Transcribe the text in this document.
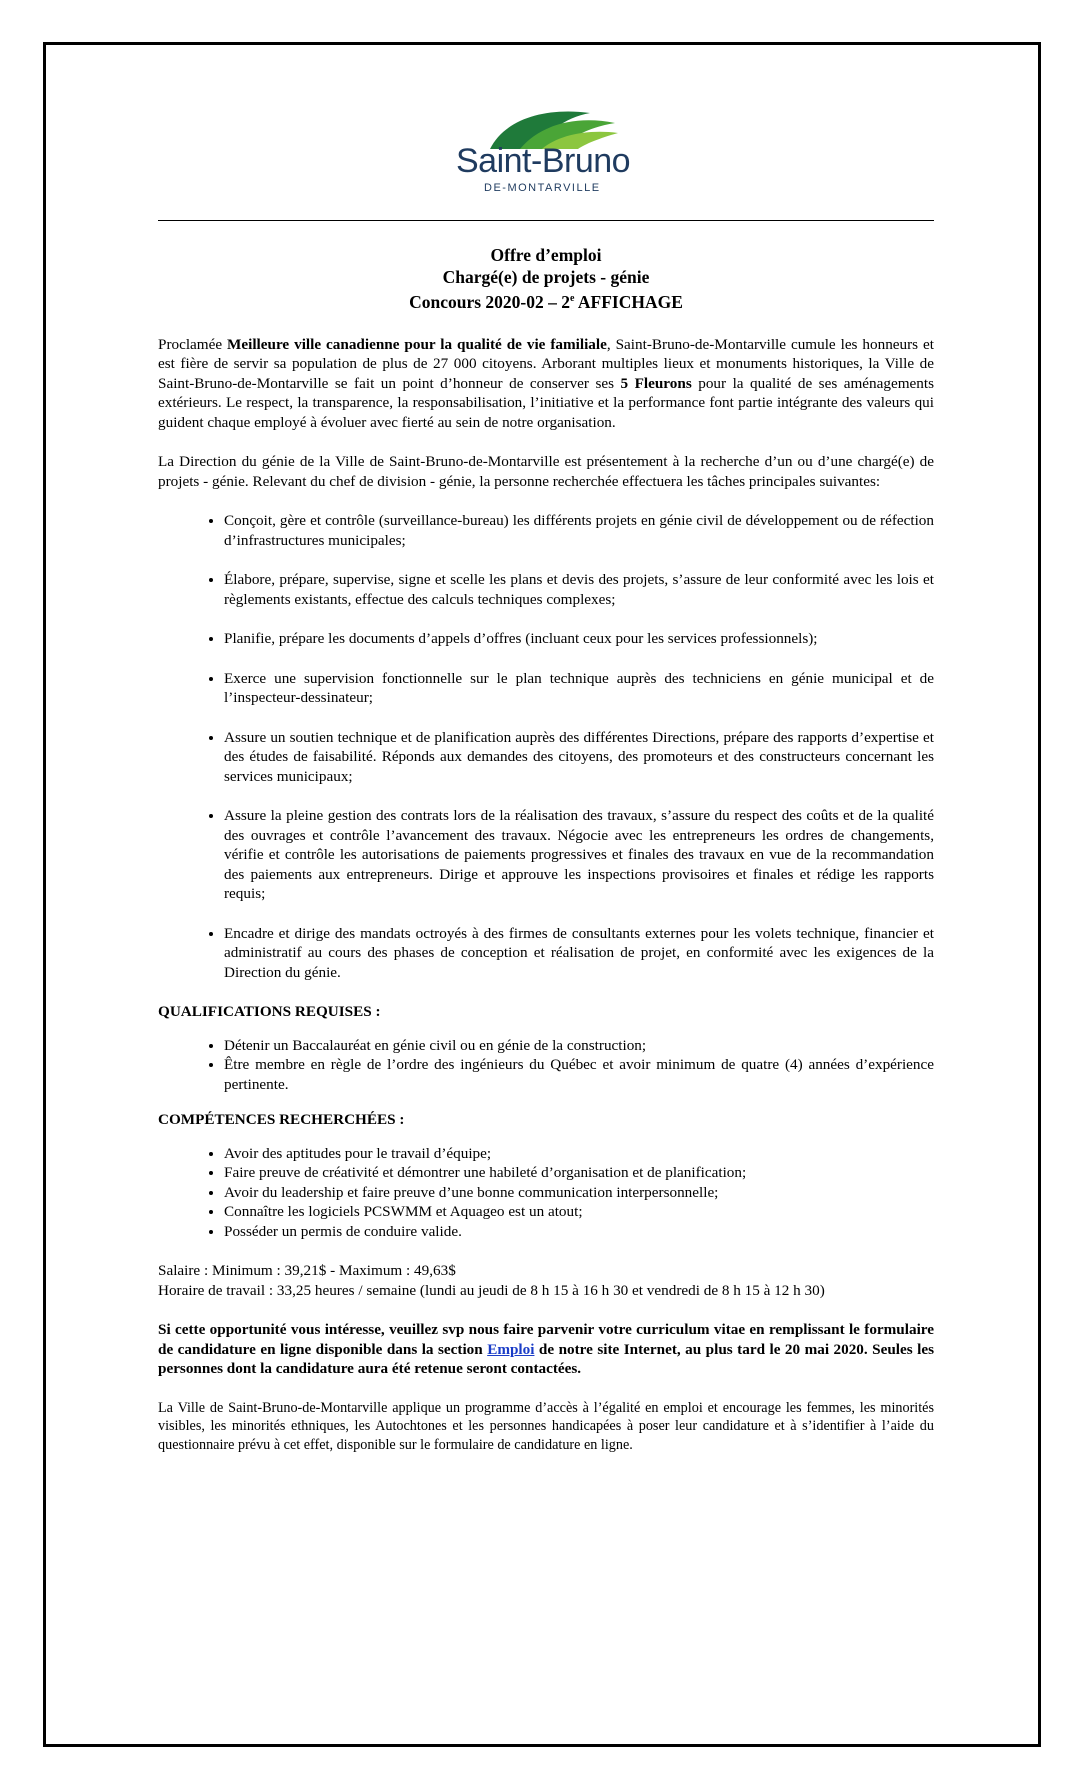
Saint-Bruno
DE-MONTARVILLE
Offre d’emploi
Chargé(e) de projets - génie
Concours 2020-02 – 2e AFFICHAGE

Proclamée Meilleure ville canadienne pour la qualité de vie familiale, Saint-Bruno-de-Montarville cumule les honneurs et est fière de servir sa population de plus de 27 000 citoyens. Arborant multiples lieux et monuments historiques, la Ville de Saint-Bruno-de-Montarville se fait un point d’honneur de conserver ses 5 Fleurons pour la qualité de ses aménagements extérieurs. Le respect, la transparence, la responsabilisation, l’initiative et la performance font partie intégrante des valeurs qui guident chaque employé à évoluer avec fierté au sein de notre organisation.

La Direction du génie de la Ville de Saint-Bruno-de-Montarville est présentement à la recherche d’un ou d’une chargé(e) de projets - génie. Relevant du chef de division - génie, la personne recherchée effectuera les tâches principales suivantes:

• Conçoit, gère et contrôle (surveillance-bureau) les différents projets en génie civil de développement ou de réfection d’infrastructures municipales;
• Élabore, prépare, supervise, signe et scelle les plans et devis des projets, s’assure de leur conformité avec les lois et règlements existants, effectue des calculs techniques complexes;
• Planifie, prépare les documents d’appels d’offres (incluant ceux pour les services professionnels);
• Exerce une supervision fonctionnelle sur le plan technique auprès des techniciens en génie municipal et de l’inspecteur-dessinateur;
• Assure un soutien technique et de planification auprès des différentes Directions, prépare des rapports d’expertise et des études de faisabilité. Réponds aux demandes des citoyens, des promoteurs et des constructeurs concernant les services municipaux;
• Assure la pleine gestion des contrats lors de la réalisation des travaux, s’assure du respect des coûts et de la qualité des ouvrages et contrôle l’avancement des travaux. Négocie avec les entrepreneurs les ordres de changements, vérifie et contrôle les autorisations de paiements progressives et finales des travaux en vue de la recommandation des paiements aux entrepreneurs. Dirige et approuve les inspections provisoires et finales et rédige les rapports requis;
• Encadre et dirige des mandats octroyés à des firmes de consultants externes pour les volets technique, financier et administratif au cours des phases de conception et réalisation de projet, en conformité avec les exigences de la Direction du génie.
QUALIFICATIONS REQUISES :
• Détenir un Baccalauréat en génie civil ou en génie de la construction;
• Être membre en règle de l’ordre des ingénieurs du Québec et avoir minimum de quatre (4) années d’expérience pertinente.
COMPÉTENCES RECHERCHÉES :
• Avoir des aptitudes pour le travail d’équipe;
• Faire preuve de créativité et démontrer une habileté d’organisation et de planification;
• Avoir du leadership et faire preuve d’une bonne communication interpersonnelle;
• Connaître les logiciels PCSWMM et Aquageo est un atout;
• Posséder un permis de conduire valide.
Salaire : Minimum : 39,21$ - Maximum : 49,63$
Horaire de travail : 33,25 heures / semaine (lundi au jeudi de 8 h 15 à 16 h 30 et vendredi de 8 h 15 à 12 h 30)

Si cette opportunité vous intéresse, veuillez svp nous faire parvenir votre curriculum vitae en remplissant le formulaire de candidature en ligne disponible dans la section Emploi de notre site Internet, au plus tard le 20 mai 2020. Seules les personnes dont la candidature aura été retenue seront contactées.

La Ville de Saint-Bruno-de-Montarville applique un programme d’accès à l’égalité en emploi et encourage les femmes, les minorités visibles, les minorités ethniques, les Autochtones et les personnes handicapées à poser leur candidature et à s’identifier à l’aide du questionnaire prévu à cet effet, disponible sur le formulaire de candidature en ligne.
